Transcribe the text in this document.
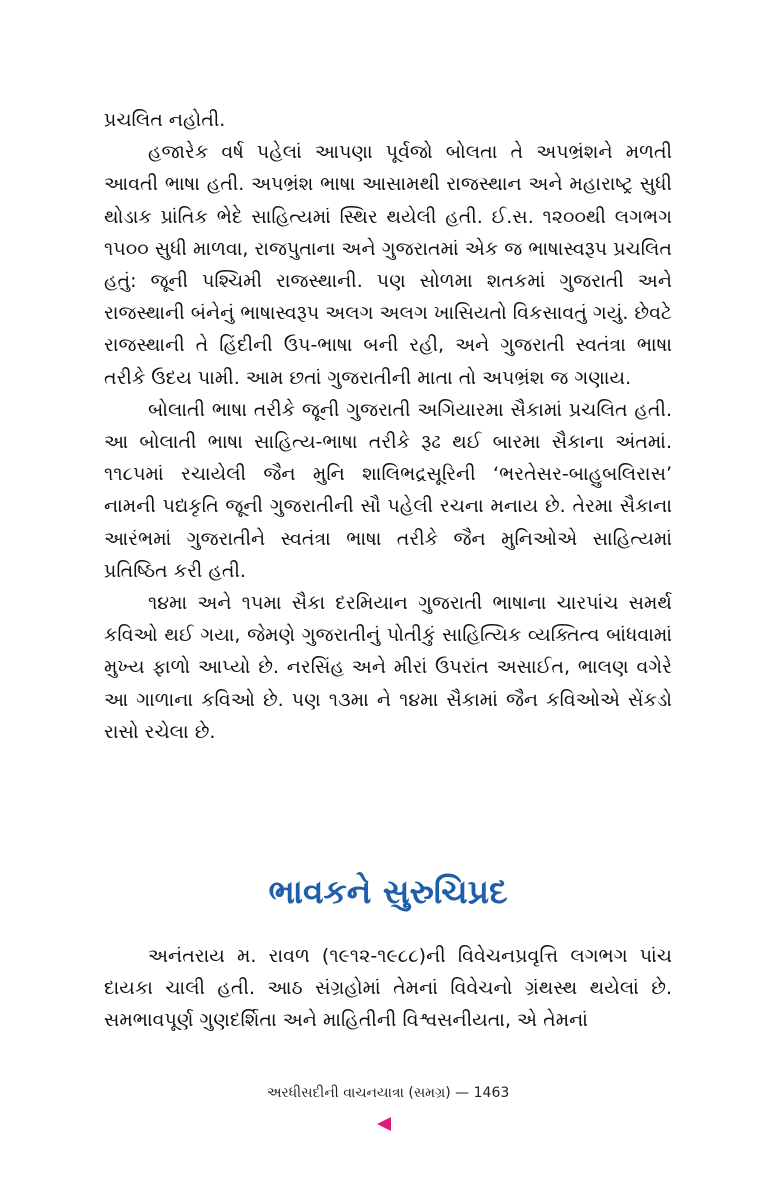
પ્રચલિત નહોતી.

હજારેક વર્ષ પહેલાં આપણા પૂર્વજો બોલતા તે અપભ્રંશને મળતી આવતી ભાષા હતી. અપભ્રંશ ભાષા આસામથી રાજસ્થાન અને મહારાષ્ટ્ર સુધી થોડાક પ્રાંતિક ભેદે સાહિત્યમાં સ્થિર થયેલી હતી. ઈ.સ. ૧૨૦૦થી લગભગ ૧૫૦૦ સુધી માળવા, રાજપુતાના અને ગુજરાતમાં એક જ ભાષાસ્વરૂપ પ્રચલિત હતું: જૂની પશ્ચિમી રાજસ્થાની. પણ સોળમા શતકમાં ગુજરાતી અને રાજસ્થાની બંનેનું ભાષાસ્વરૂપ અલગ અલગ ખાસિયતો વિકસાવતું ગયું. છેવટે રાજસ્થાની તે હિંદીની ઉપ-ભાષા બની રહી, અને ગુજરાતી સ્વતંત્રા ભાષા તરીકે ઉદય પામી. આમ છતાં ગુજરાતીની માતા તો અપભ્રંશ જ ગણાય.

બોલાતી ભાષા તરીકે જૂની ગુજરાતી અગિયારમા સૈકામાં પ્રચલિત હતી. આ બોલાતી ભાષા સાહિત્ય-ભાષા તરીકે રૂઢ થઈ બારમા સૈકાના અંતમાં. ૧૧૮૫માં રચાયેલી જૈન મુનિ શાલિભદ્રસૂરિની ‘ભરતેસર-બાહુબલિરાસ’ નામની પદ્યકૃતિ જૂની ગુજરાતીની સૌ પહેલી રચના મનાય છે. તેરમા સૈકાના આરંભમાં ગુજરાતીને સ્વતંત્રા ભાષા તરીકે જૈન મુનિઓએ સાહિત્યમાં પ્રતિષ્ઠિત કરી હતી.

૧૪મા અને ૧૫મા સૈકા દરમિયાન ગુજરાતી ભાષાના ચારપાંચ સમર્થ કવિઓ થઈ ગયા, જેમણે ગુજરાતીનું પોતીકું સાહિત્યિક વ્યક્તિત્વ બાંધવામાં મુખ્ય ફાળો આપ્યો છે. નરસિંહ અને મીરાં ઉપરાંત અસાઈત, ભાલણ વગેરે આ ગાળાના કવિઓ છે. પણ ૧૩મા ને ૧૪મા સૈકામાં જૈન કવિઓએ સેંકડો રાસો રચેલા છે.

ભાવકને સુરુચિપ્રદ

અનંતરાય મ. રાવળ (૧૯૧૨-૧૯૮૮)ની વિવેચનપ્રવૃત્તિ લગભગ પાંચ દાયકા ચાલી હતી. આઠ સંગ્રહોમાં તેમનાં વિવેચનો ગ્રંથસ્થ થયેલાં છે. સમભાવપૂર્ણ ગુણદર્શિતા અને માહિતીની વિશ્વસનીયતા, એ તેમનાં

અરધીસદીની વાચનયાત્રા (સમગ્ર) — 1463
